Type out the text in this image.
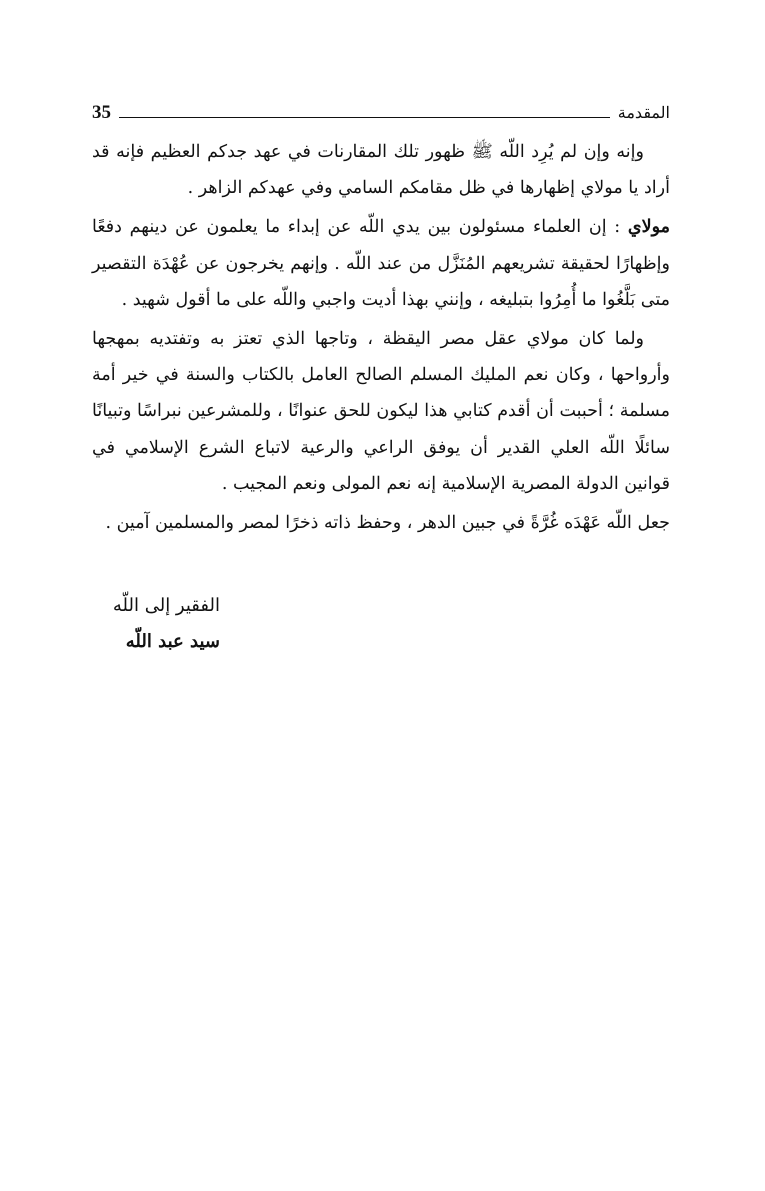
35	المقدمة

وإنه وإن لم يُرِد اللّه ﷺ ظهور تلك المقارنات في عهد جدكم العظيم فإنه قد أراد يا مولاي إظهارها في ظل مقامكم السامي وفي عهدكم الزاهر .

مولاي : إن العلماء مسئولون بين يدي اللّه عن إبداء ما يعلمون عن دينهم دفعًا وإظهارًا لحقيقة تشريعهم المُنَزَّل من عند اللّه . وإنهم يخرجون عن عُهْدَة التقصير متى بَلَّغُوا ما أُمِرُوا بتبليغه ، وإنني بهذا أديت واجبي واللّه على ما أقول شهيد .

ولما كان مولاي عقل مصر اليقظة ، وتاجها الذي تعتز به وتفتديه بمهجها وأرواحها ، وكان نعم المليك المسلم الصالح العامل بالكتاب والسنة في خير أمة مسلمة ؛ أحببت أن أقدم كتابي هذا ليكون للحق عنوانًا ، وللمشرعين نبراسًا وتبيانًا سائلًا اللّه العلي القدير أن يوفق الراعي والرعية لاتباع الشرع الإسلامي في قوانين الدولة المصرية الإسلامية إنه نعم المولى ونعم المجيب .

جعل اللّه عَهْدَه غُرَّةً في جبين الدهر ، وحفظ ذاته ذخرًا لمصر والمسلمين آمين .

الفقير إلى اللّه
سيد عبد اللّه
